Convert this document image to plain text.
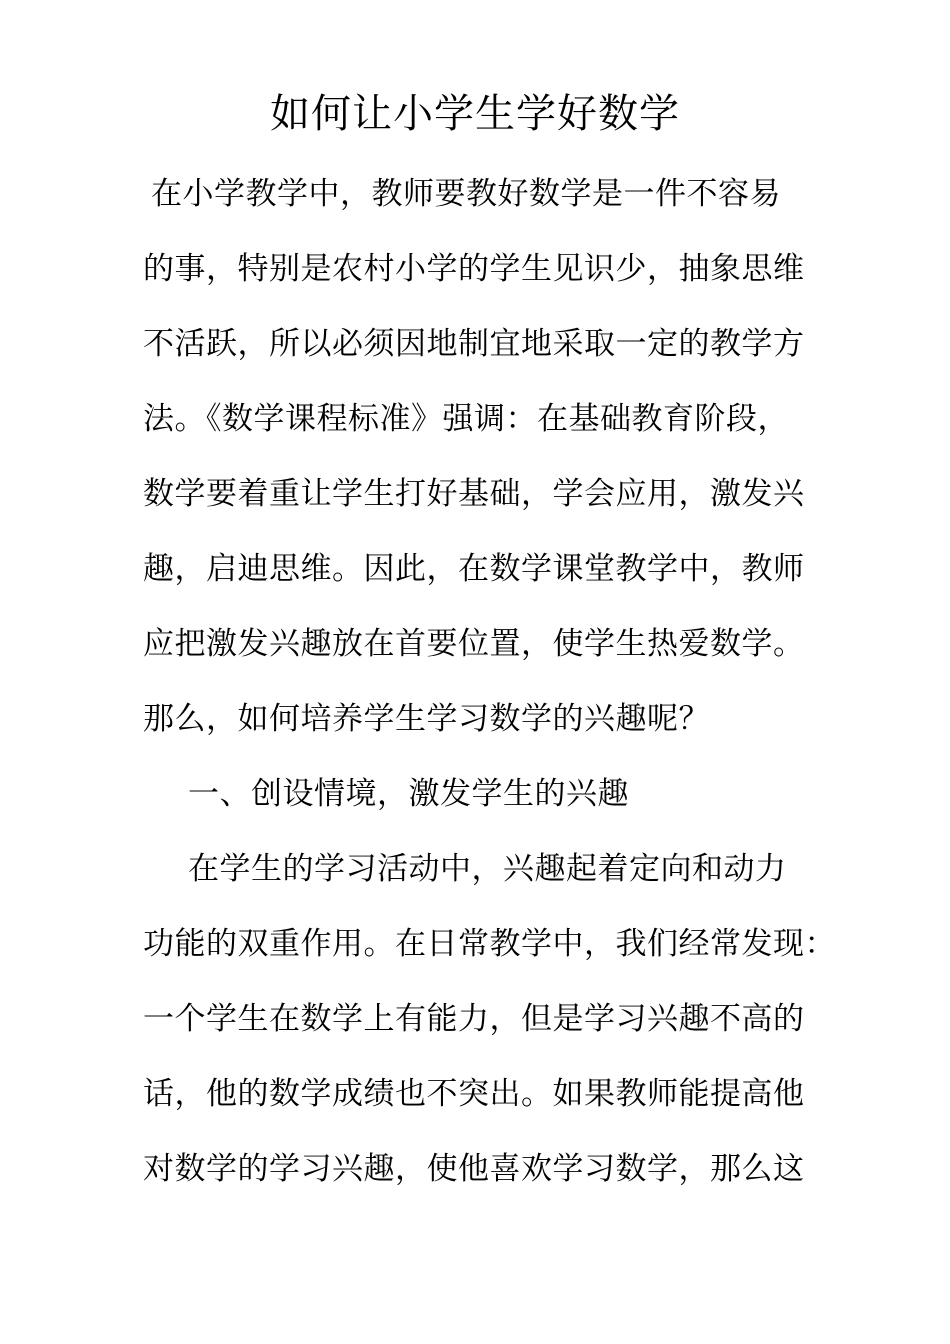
如何让小学生学好数学
在小学教学中，教师要教好数学是一件不容易
的事，特别是农村小学的学生见识少，抽象思维
不活跃，所以必须因地制宜地采取一定的教学方
法。《数学课程标准》强调：在基础教育阶段，
数学要着重让学生打好基础，学会应用，激发兴
趣，启迪思维。因此，在数学课堂教学中，教师
应把激发兴趣放在首要位置，使学生热爱数学。
那么，如何培养学生学习数学的兴趣呢？
一、创设情境，激发学生的兴趣
在学生的学习活动中，兴趣起着定向和动力
功能的双重作用。在日常教学中，我们经常发现：
一个学生在数学上有能力，但是学习兴趣不高的
话，他的数学成绩也不突出。如果教师能提高他
对数学的学习兴趣，使他喜欢学习数学，那么这
